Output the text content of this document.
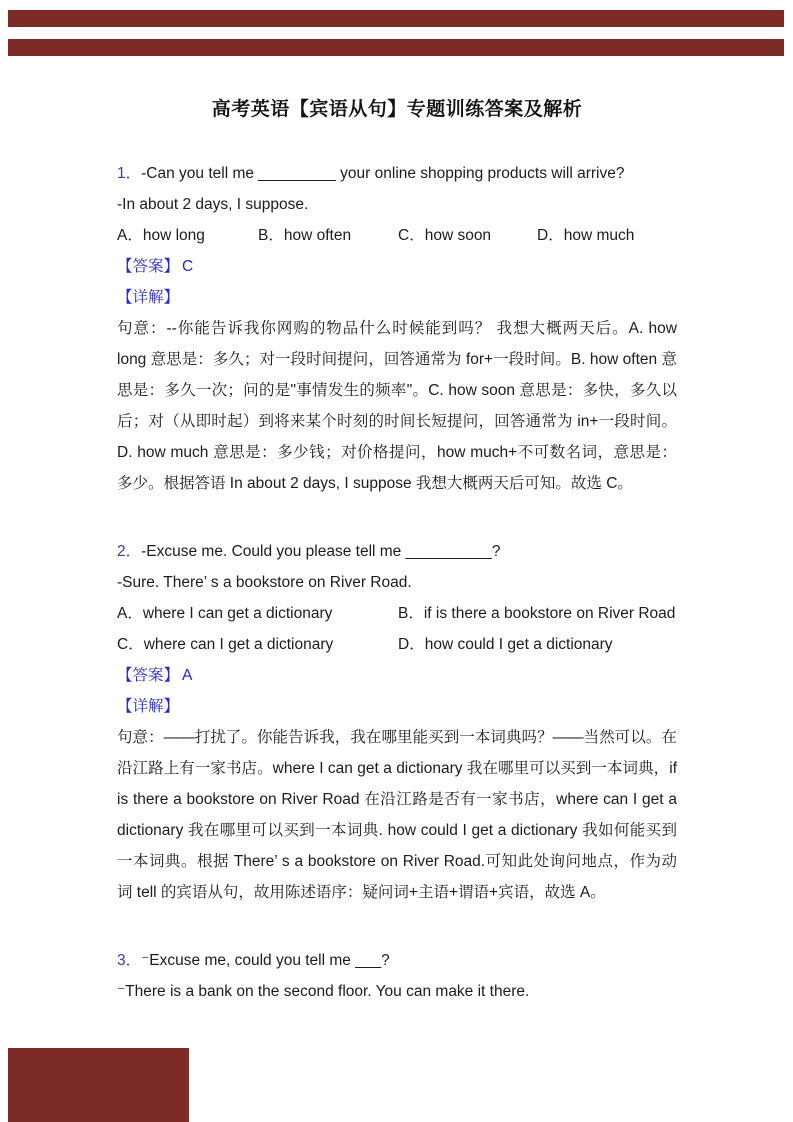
高考英语【宾语从句】专题训练答案及解析

1．-Can you tell me _________ your online shopping products will arrive?

-In about 2 days, I suppose.

A．how long	B．how often	C．how soon	D．how much

【答案】 C

【详解】

句意：--你能告诉我你网购的物品什么时候能到吗？ 我想大概两天后。A. how long 意思是：多久；对一段时间提问，回答通常为 for+一段时间。B. how often 意思是：多久一次；问的是"事情发生的频率"。C. how soon 意思是：多快，多久以后；对（从即时起）到将来某个时刻的时间长短提问，回答通常为 in+一段时间。D. how much 意思是：多少钱；对价格提问，how much+不可数名词，意思是：多少。根据答语 In about 2 days, I suppose 我想大概两天后可知。故选 C。

2．-Excuse me. Could you please tell me __________?

-Sure. There’ s a bookstore on River Road.

A．where I can get a dictionary	B．if is there a bookstore on River Road
C．where can I get a dictionary	D．how could I get a dictionary

【答案】 A

【详解】

句意：——打扰了。你能告诉我，我在哪里能买到一本词典吗？——当然可以。在沿江路上有一家书店。where I can get a dictionary 我在哪里可以买到一本词典，if is there a bookstore on River Road 在沿江路是否有一家书店，where can I get a dictionary 我在哪里可以买到一本词典. how could I get a dictionary 我如何能买到一本词典。根据 There’ s a bookstore on River Road.可知此处询问地点，作为动词 tell 的宾语从句，故用陈述语序：疑问词+主语+谓语+宾语，故选 A。

3．⁻Excuse me, could you tell me ___?

⁻There is a bank on the second floor. You can make it there.
